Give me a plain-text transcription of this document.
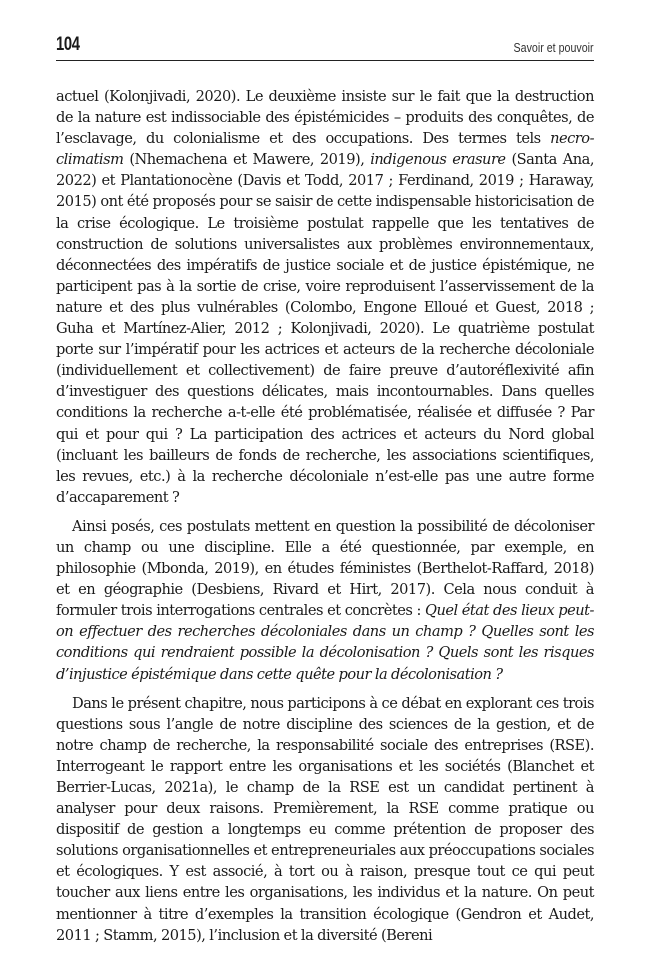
104	Savoir et pouvoir

actuel (Kolonjivadi, 2020). Le deuxième insiste sur le fait que la destruction de la nature est indissociable des épistémicides – produits des conquêtes, de l’esclavage, du colonialisme et des occupations. Des termes tels necro-climatism (Nhemachena et Mawere, 2019), indigenous erasure (Santa Ana, 2022) et Plantationocène (Davis et Todd, 2017 ; Ferdinand, 2019 ; Haraway, 2015) ont été proposés pour se saisir de cette indispensable historicisation de la crise écologique. Le troisième postulat rappelle que les tentatives de construction de solutions universalistes aux problèmes environnementaux, déconnectées des impératifs de justice sociale et de justice épistémique, ne participent pas à la sortie de crise, voire reproduisent l’asservissement de la nature et des plus vulnérables (Colombo, Engone Elloué et Guest, 2018 ; Guha et Martínez-Alier, 2012 ; Kolonjivadi, 2020). Le quatrième postulat porte sur l’impératif pour les actrices et acteurs de la recherche décoloniale (individuellement et collectivement) de faire preuve d’autoréflexivité afin d’investiguer des questions délicates, mais incontournables. Dans quelles conditions la recherche a-t-elle été problématisée, réalisée et diffusée ? Par qui et pour qui ? La participation des actrices et acteurs du Nord global (incluant les bailleurs de fonds de recherche, les associations scientifiques, les revues, etc.) à la recherche décoloniale n’est-elle pas une autre forme d’accaparement ?

Ainsi posés, ces postulats mettent en question la possibilité de décoloniser un champ ou une discipline. Elle a été questionnée, par exemple, en philosophie (Mbonda, 2019), en études féministes (Berthelot-Raffard, 2018) et en géographie (Desbiens, Rivard et Hirt, 2017). Cela nous conduit à formuler trois interrogations centrales et concrètes : Quel état des lieux peut-on effectuer des recherches décoloniales dans un champ ? Quelles sont les conditions qui rendraient possible la décolonisation ? Quels sont les risques d’injustice épistémique dans cette quête pour la décolonisation ?

Dans le présent chapitre, nous participons à ce débat en explorant ces trois questions sous l’angle de notre discipline des sciences de la gestion, et de notre champ de recherche, la responsabilité sociale des entreprises (RSE). Interrogeant le rapport entre les organisations et les sociétés (Blanchet et Berrier-Lucas, 2021a), le champ de la RSE est un candidat pertinent à analyser pour deux raisons. Premièrement, la RSE comme pratique ou dispositif de gestion a longtemps eu comme prétention de proposer des solutions organisationnelles et entrepreneuriales aux préoccupations sociales et écologiques. Y est associé, à tort ou à raison, presque tout ce qui peut toucher aux liens entre les organisations, les individus et la nature. On peut mentionner à titre d’exemples la transition écologique (Gendron et Audet, 2011 ; Stamm, 2015), l’inclusion et la diversité (Bereni
